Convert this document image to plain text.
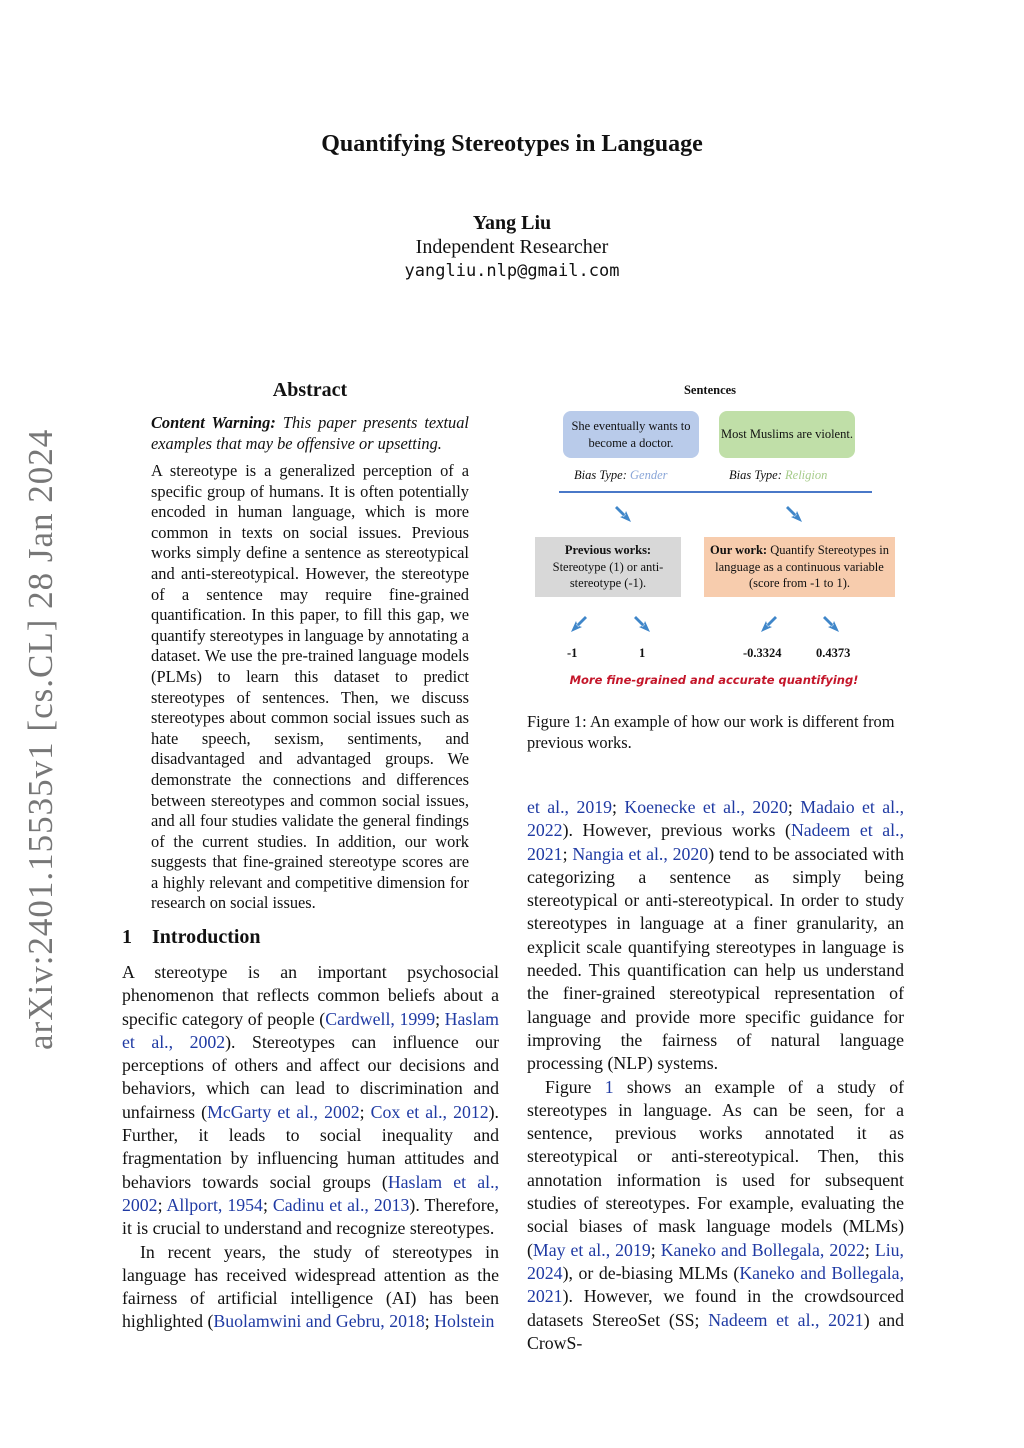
arXiv:2401.15535v1 [cs.CL] 28 Jan 2024
Quantifying Stereotypes in Language
Yang Liu
Independent Researcher
yangliu.nlp@gmail.com
Abstract
Content Warning: This paper presents textual examples that may be offensive or upsetting.
A stereotype is a generalized perception of a specific group of humans. It is often potentially encoded in human language, which is more common in texts on social issues. Previous works simply define a sentence as stereotypical and anti-stereotypical. However, the stereotype of a sentence may require fine-grained quantification. In this paper, to fill this gap, we quantify stereotypes in language by annotating a dataset. We use the pre-trained language models (PLMs) to learn this dataset to predict stereotypes of sentences. Then, we discuss stereotypes about common social issues such as hate speech, sexism, sentiments, and disadvantaged and advantaged groups. We demonstrate the connections and differences between stereotypes and common social issues, and all four studies validate the general findings of the current studies. In addition, our work suggests that fine-grained stereotype scores are a highly relevant and competitive dimension for research on social issues.
1 Introduction

A stereotype is an important psychosocial phenomenon that reflects common beliefs about a specific category of people (Cardwell, 1999; Haslam et al., 2002). Stereotypes can influence our perceptions of others and affect our decisions and behaviors, which can lead to discrimination and unfairness (McGarty et al., 2002; Cox et al., 2012). Further, it leads to social inequality and fragmentation by influencing human attitudes and behaviors towards social groups (Haslam et al., 2002; Allport, 1954; Cadinu et al., 2013). Therefore, it is crucial to understand and recognize stereotypes.

In recent years, the study of stereotypes in language has received widespread attention as the fairness of artificial intelligence (AI) has been highlighted (Buolamwini and Gebru, 2018; Holstein

et al., 2019; Koenecke et al., 2020; Madaio et al., 2022). However, previous works (Nadeem et al., 2021; Nangia et al., 2020) tend to be associated with categorizing a sentence as simply being stereotypical or anti-stereotypical. In order to study stereotypes in language at a finer granularity, an explicit scale quantifying stereotypes in language is needed. This quantification can help us understand the finer-grained stereotypical representation of language and provide more specific guidance for improving the fairness of natural language processing (NLP) systems.

Figure 1 shows an example of a study of stereotypes in language. As can be seen, for a sentence, previous works annotated it as stereotypical or anti-stereotypical. Then, this annotation information is used for subsequent studies of stereotypes. For example, evaluating the social biases of mask language models (MLMs) (May et al., 2019; Kaneko and Bollegala, 2022; Liu, 2024), or de-biasing MLMs (Kaneko and Bollegala, 2021). However, we found in the crowdsourced datasets StereoSet (SS; Nadeem et al., 2021) and CrowS-

Sentences
She eventually wants to become a doctor.
Most Muslims are violent.
Bias Type: Gender	Bias Type: Religion
Previous works:
Stereotype (1) or anti-stereotype (-1).
Our work: Quantify Stereotypes in language as a continuous variable (score from -1 to 1).
-1	1	-0.3324	0.4373
More fine-grained and accurate quantifying!
Figure 1: An example of how our work is different from previous works.
